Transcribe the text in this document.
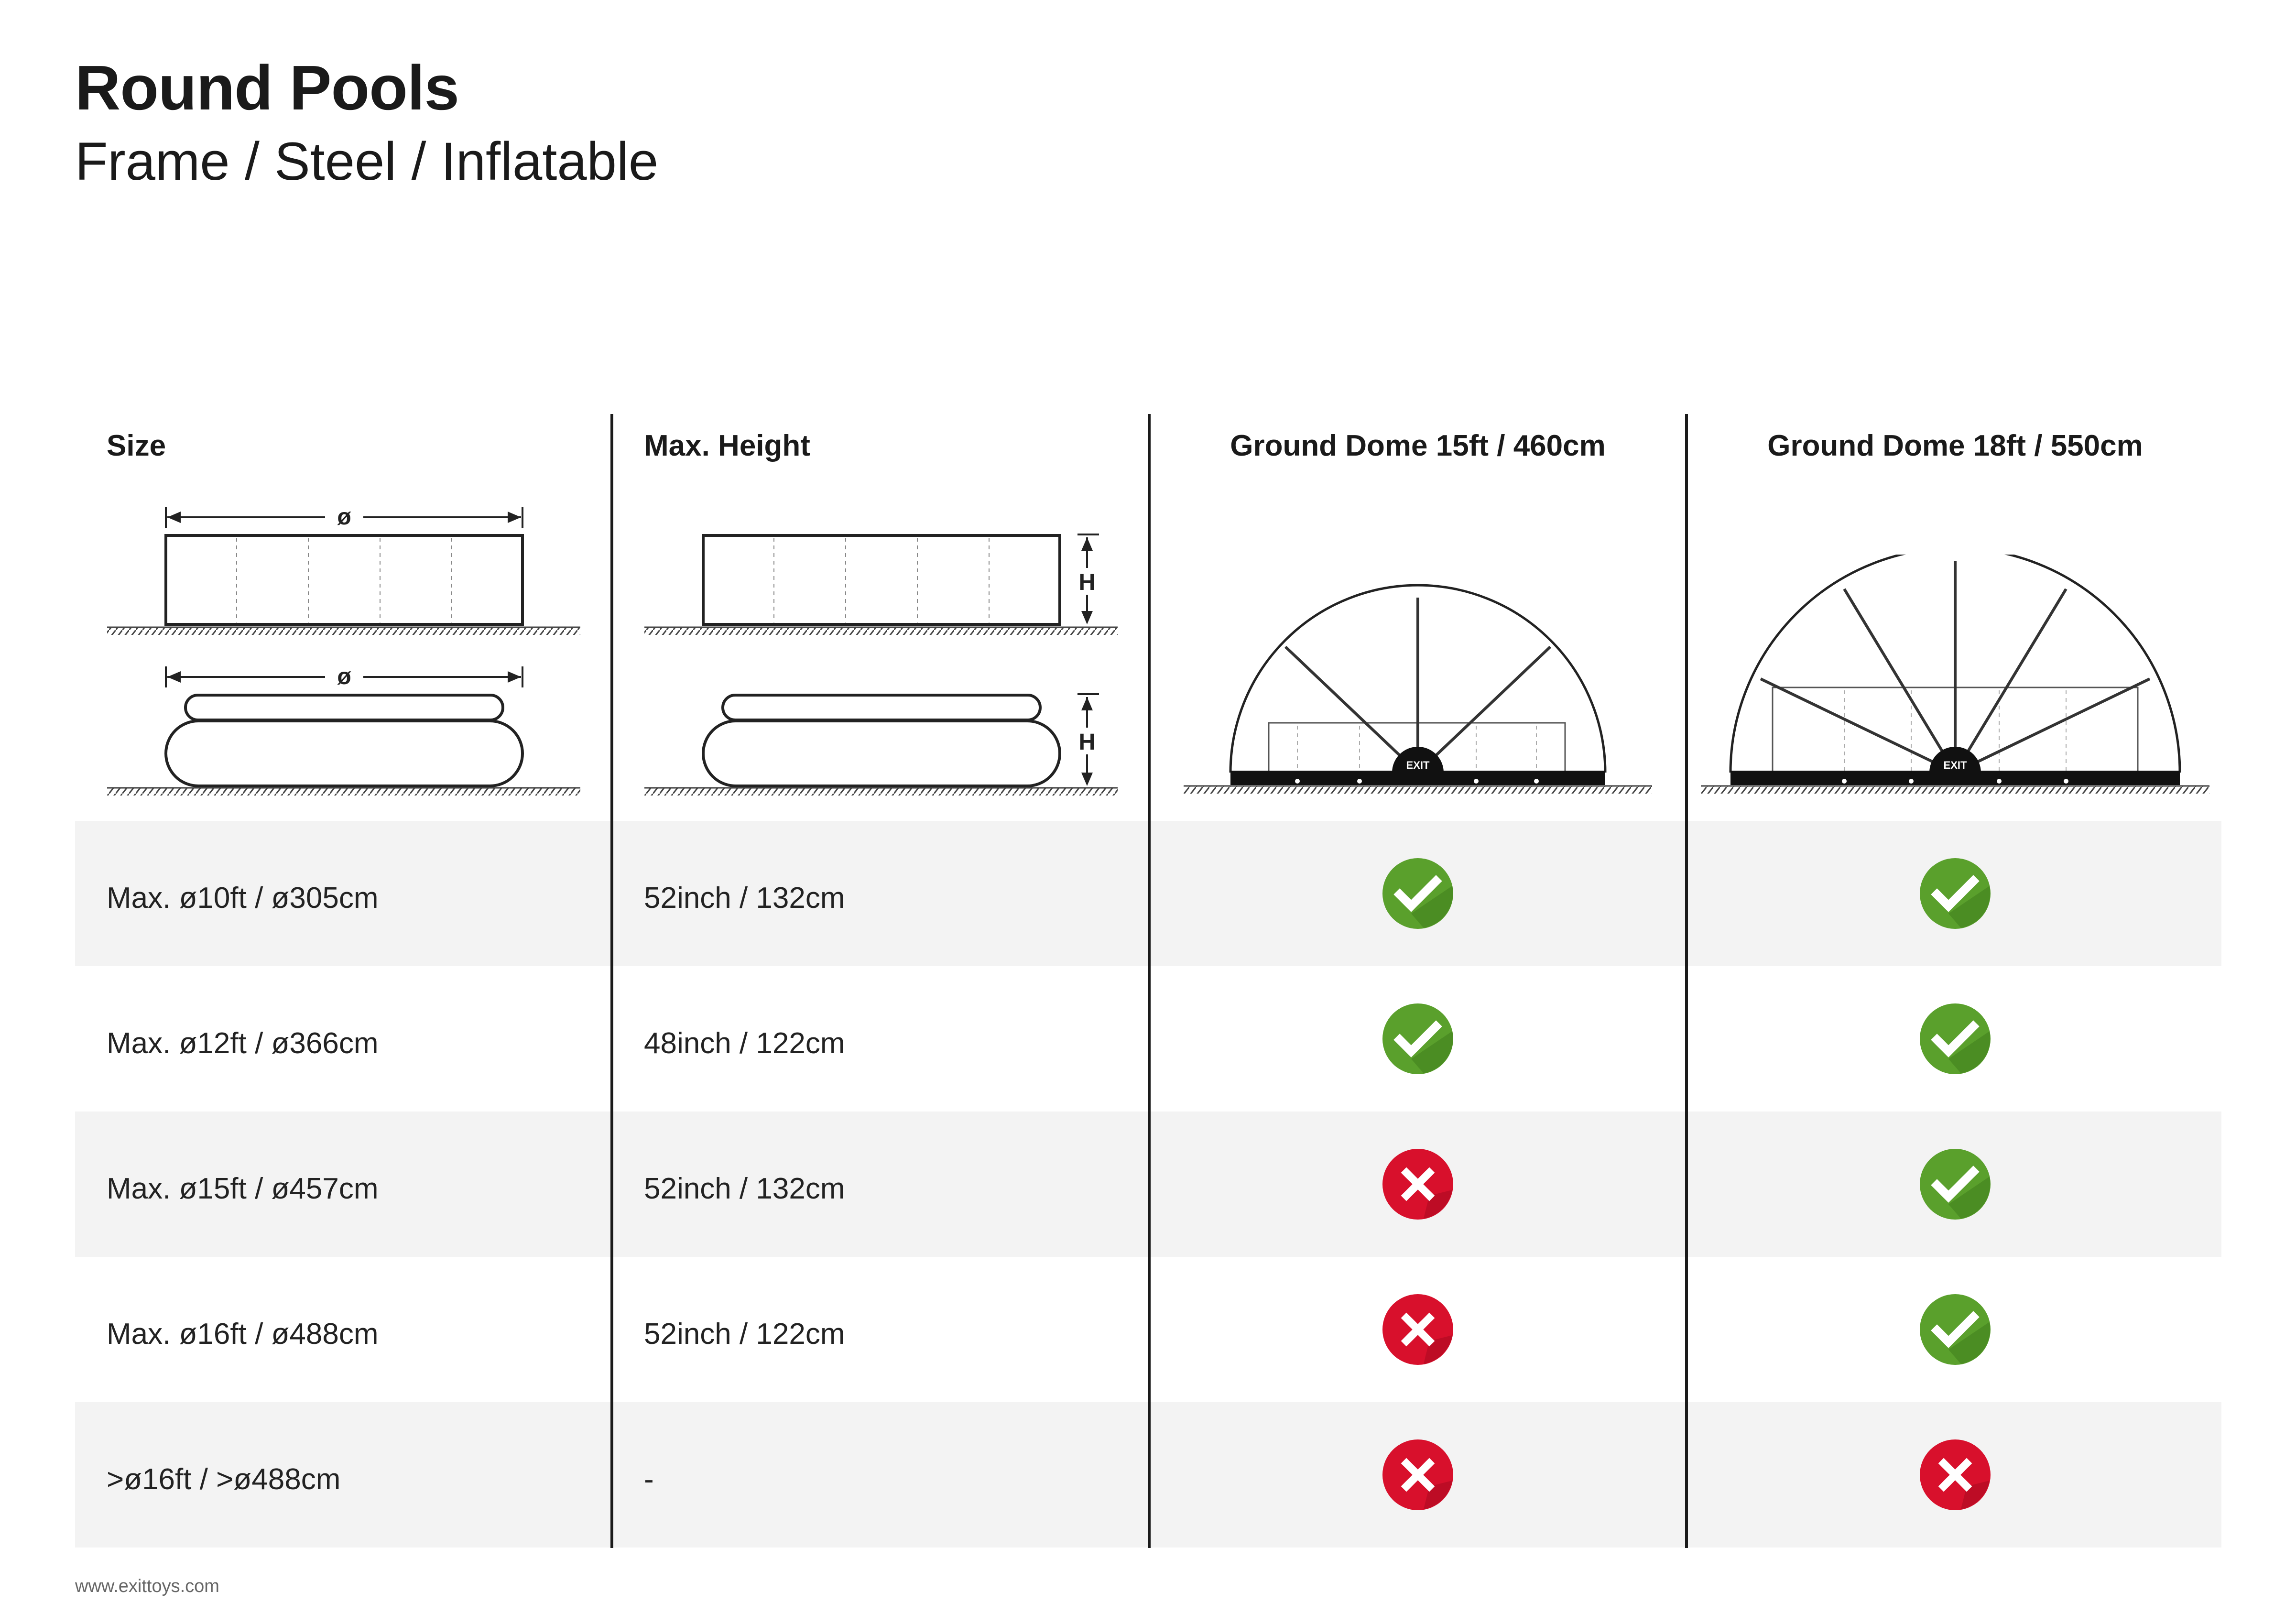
Round Pools
Frame / Steel / Inflatable
Size	Max. Height	Ground Dome 15ft / 460cm	Ground Dome 18ft / 550cm
ø
ø
H
H
EXIT	EXIT
Max. ø10ft / ø305cm	52inch / 132cm
Max. ø12ft / ø366cm	48inch / 122cm
Max. ø15ft / ø457cm	52inch / 132cm
Max. ø16ft / ø488cm	52inch / 122cm
>ø16ft / >ø488cm	-
www.exittoys.com
